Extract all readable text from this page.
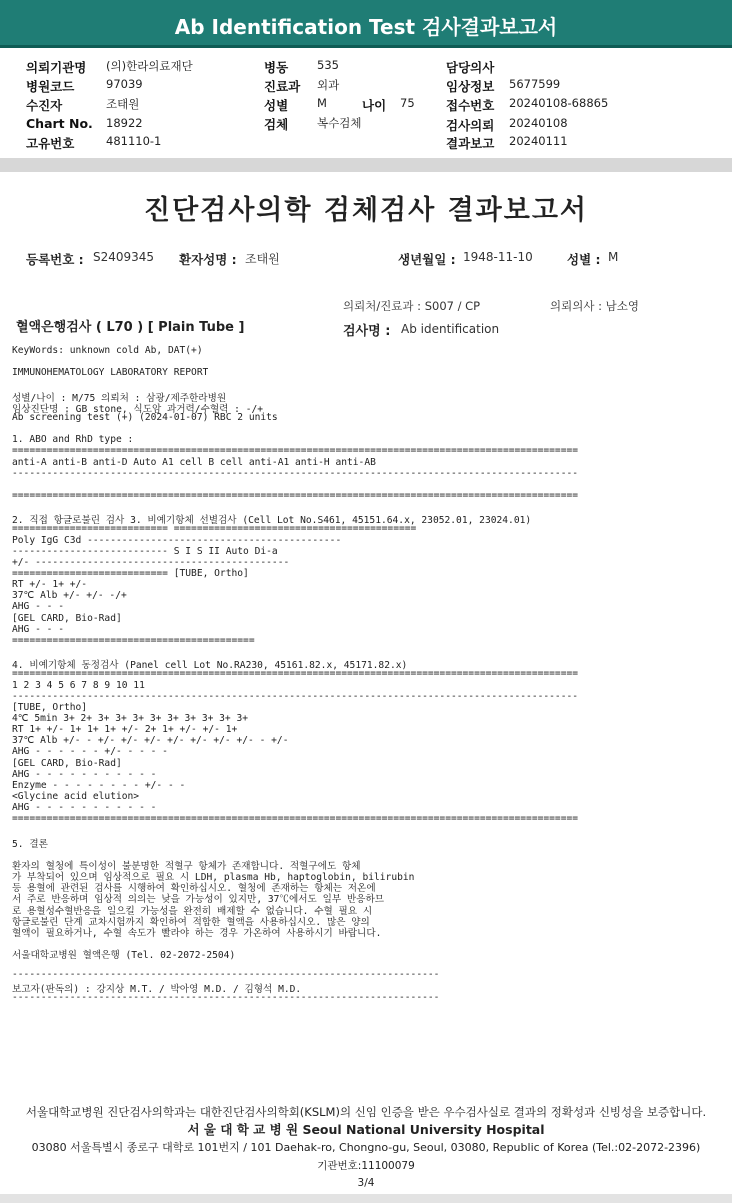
Ab Identification Test 검사결과보고서
의뢰기관명 (의)한라의료재단
병원코드	97039
수진자	조태원
Chart No. 18922
고유번호	481110-1
병동	535
진료과 외과
성별	M	나이 75
검체	복수검체
담당의사
임상정보 5677599
접수번호 20240108-68865
검사의뢰 20240108
결과보고 20240111
진단검사의학 검체검사 결과보고서
등록번호 : S2409345 환자성명 : 조태원	생년월일 : 1948-11-10	성별 : M
의뢰처/진료과 : S007 / CP	의뢰의사 : 남소영
혈액은행검사 ( L70 ) [ Plain Tube ]	검사명 : Ab identification
KeyWords: unknown cold Ab, DAT(+)
IMMUNOHEMATOLOGY LABORATORY REPORT
성별/나이 : M/75 의뢰처 : 삼광/제주한라병원
임상진단명 : GB stone, 식도암 과거력/수혈력 : -/+
Ab screening test (+) (2024-01-07) RBC 2 units
1. ABO and RhD type :
==================================================================================================
anti-A anti-B anti-D Auto A1 cell B cell anti-A1 anti-H anti-AB
--------------------------------------------------------------------------------------------------
==================================================================================================
2. 직접 항글로불린 검사 3. 비예기항체 선별검사 (Cell Lot No.S461, 45151.64.x, 23052.01, 23024.01)
=========================== ==========================================
Poly IgG C3d --------------------------------------------
--------------------------- S I S II Auto Di-a
+/- --------------------------------------------
=========================== [TUBE, Ortho]
RT +/- 1+ +/-
37℃ Alb +/- +/- -/+
AHG - - -
[GEL CARD, Bio-Rad]
AHG - - -
==========================================
4. 비예기항체 동정검사 (Panel cell Lot No.RA230, 45161.82.x, 45171.82.x)
==================================================================================================
1 2 3 4 5 6 7 8 9 10 11
--------------------------------------------------------------------------------------------------
[TUBE, Ortho]
4℃ 5min 3+ 2+ 3+ 3+ 3+ 3+ 3+ 3+ 3+ 3+ 3+
RT 1+ +/- 1+ 1+ 1+ +/- 2+ 1+ +/- +/- 1+
37℃ Alb +/- - +/- +/- +/- +/- +/- +/- +/- - +/-
AHG - - - - - - +/- - - - -
[GEL CARD, Bio-Rad]
AHG - - - - - - - - - - -
Enzyme - - - - - - - - +/- - -
<Glycine acid elution>
AHG - - - - - - - - - - -
==================================================================================================
5. 결론
환자의 혈청에 특이성이 불분명한 적혈구 항체가 존재합니다. 적혈구에도 항체
가 부착되어 있으며 임상적으로 필요 시 LDH, plasma Hb, haptoglobin, bilirubin
등 용혈에 관련된 검사를 시행하여 확인하십시오. 혈청에 존재하는 항체는 저온에
서 주로 반응하며 임상적 의의는 낮을 가능성이 있지만, 37℃에서도 일부 반응하므
로 용혈성수혈반응을 일으킬 가능성을 완전히 배제할 수 없습니다. 수혈 필요 시
항글로불린 단계 교차시험까지 확인하여 적합한 혈액을 사용하십시오. 많은 양의
혈액이 필요하거나, 수혈 속도가 빨라야 하는 경우 가온하여 사용하시기 바랍니다.
서울대학교병원 혈액은행 (Tel. 02-2072-2504)
--------------------------------------------------------------------------
보고자(판독의) : 강지상 M.T. / 박아영 M.D. / 김형석 M.D.
--------------------------------------------------------------------------
서울대학교병원 진단검사의학과는 대한진단검사의학회(KSLM)의 신임 인증을 받은 우수검사실로 결과의 정확성과 신빙성을 보증합니다.
서 울 대 학 교 병 원 Seoul National University Hospital
03080 서울특별시 종로구 대학로 101번지 / 101 Daehak-ro, Chongno-gu, Seoul, 03080, Republic of Korea (Tel.:02-2072-2396)
기관번호:11100079
3/4
